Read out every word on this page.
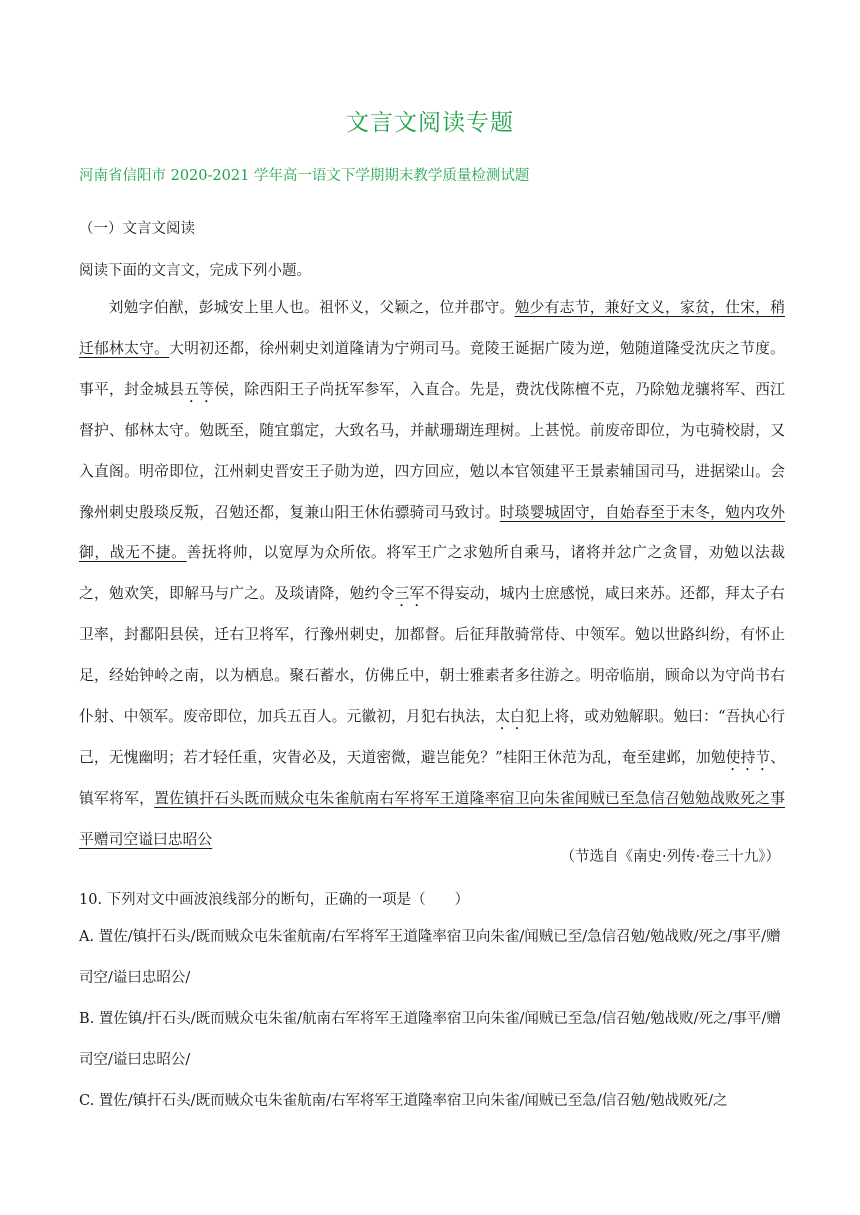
文言文阅读专题
河南省信阳市 2020-2021 学年高一语文下学期期末教学质量检测试题
（一）文言文阅读
阅读下面的文言文，完成下列小题。
刘勉字伯猷，彭城安上里人也。祖怀义，父颖之，位并郡守。勉少有志节，兼好文义，家贫，仕宋，稍迁郁林太守。大明初还都，徐州刺史刘道隆请为宁朔司马。竟陵王诞据广陵为逆，勉随道隆受沈庆之节度。事平，封金城县五等侯，除西阳王子尚抚军参军，入直合。先是，费沈伐陈檀不克，乃除勉龙骧将军、西江督护、郁林太守。勉既至，随宜翦定，大致名马，并献珊瑚连理树。上甚悦。前废帝即位，为屯骑校尉，又入直阁。明帝即位，江州刺史晋安王子勋为逆，四方回应，勉以本官领建平王景素辅国司马，进据梁山。会豫州刺史殷琰反叛，召勉还都，复兼山阳王休佑骠骑司马致讨。时琰婴城固守，自始春至于末冬，勉内攻外御，战无不捷。善抚将帅，以宽厚为众所依。将军王广之求勉所自乘马，诸将并忿广之贪冒，劝勉以法裁之，勉欢笑，即解马与广之。及琰请降，勉约令三军不得妄动，城内士庶感悦，咸曰来苏。还都，拜太子右卫率，封鄱阳县侯，迁右卫将军，行豫州刺史，加都督。后征拜散骑常侍、中领军。勉以世路纠纷，有怀止足，经始钟岭之南，以为栖息。聚石蓄水，仿佛丘中，朝士雅素者多往游之。明帝临崩，顾命以为守尚书右仆射、中领军。废帝即位，加兵五百人。元徽初，月犯右执法，太白犯上将，或劝勉解职。勉曰：“吾执心行己，无愧幽明；若才轻任重，灾眚必及，天道密微，避岂能免？”桂阳王休范为乱，奄至建邺，加勉使持节、镇军将军，置佐镇扞石头既而贼众屯朱雀航南右军将军王道隆率宿卫向朱雀闻贼已至急信召勉勉战败死之事平赠司空谥曰忠昭公
（节选自《南史·列传·卷三十九》）
10. 下列对文中画波浪线部分的断句，正确的一项是（　　）
A. 置佐/镇扞石头/既而贼众屯朱雀航南/右军将军王道隆率宿卫向朱雀/闻贼已至/急信召勉/勉战败/死之/事平/赠司空/谥曰忠昭公/
B. 置佐镇/扞石头/既而贼众屯朱雀/航南右军将军王道隆率宿卫向朱雀/闻贼已至急/信召勉/勉战败/死之/事平/赠司空/谥曰忠昭公/
C. 置佐/镇扞石头/既而贼众屯朱雀航南/右军将军王道隆率宿卫向朱雀/闻贼已至急/信召勉/勉战败死/之
